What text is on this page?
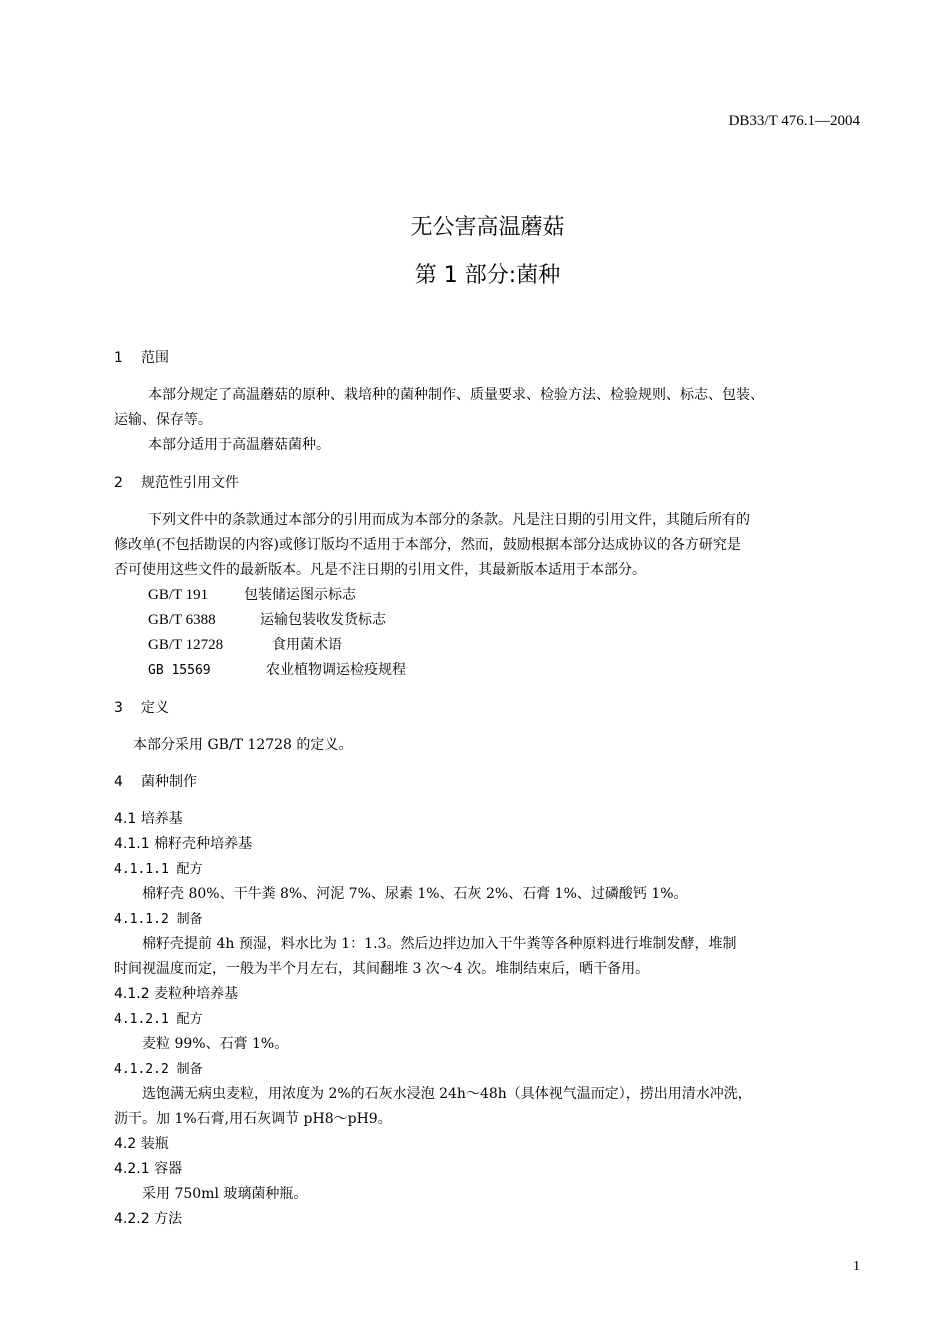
DB33/T 476.1—2004
无公害高温蘑菇
第 1 部分:菌种
1 范围
本部分规定了高温蘑菇的原种、栽培种的菌种制作、质量要求、检验方法、检验规则、标志、包装、
运输、保存等。
本部分适用于高温蘑菇菌种。
2 规范性引用文件
下列文件中的条款通过本部分的引用而成为本部分的条款。凡是注日期的引用文件，其随后所有的
修改单(不包括勘误的内容)或修订版均不适用于本部分，然而，鼓励根据本部分达成协议的各方研究是
否可使用这些文件的最新版本。凡是不注日期的引用文件，其最新版本适用于本部分。
GB/T 191	包装储运图示标志
GB/T 6388	运输包装收发货标志
GB/T 12728	食用菌术语
GB 15569	农业植物调运检疫规程
3 定义
本部分采用 GB/T 12728 的定义。
4 菌种制作
4.1 培养基
4.1.1 棉籽壳种培养基
4.1.1.1 配方
棉籽壳 80%、干牛粪 8%、河泥 7%、尿素 1%、石灰 2%、石膏 1%、过磷酸钙 1%。
4.1.1.2 制备
棉籽壳提前 4h 预湿，料水比为 1：1.3。然后边拌边加入干牛粪等各种原料进行堆制发酵，堆制
时间视温度而定，一般为半个月左右，其间翻堆 3 次～4 次。堆制结束后，晒干备用。
4.1.2 麦粒种培养基
4.1.2.1 配方
麦粒 99%、石膏 1%。
4.1.2.2 制备
选饱满无病虫麦粒，用浓度为 2%的石灰水浸泡 24h～48h（具体视气温而定），捞出用清水冲洗，
沥干。加 1%石膏,用石灰调节 pH8～pH9。
4.2 装瓶
4.2.1 容器
采用 750ml 玻璃菌种瓶。
4.2.2 方法
1
